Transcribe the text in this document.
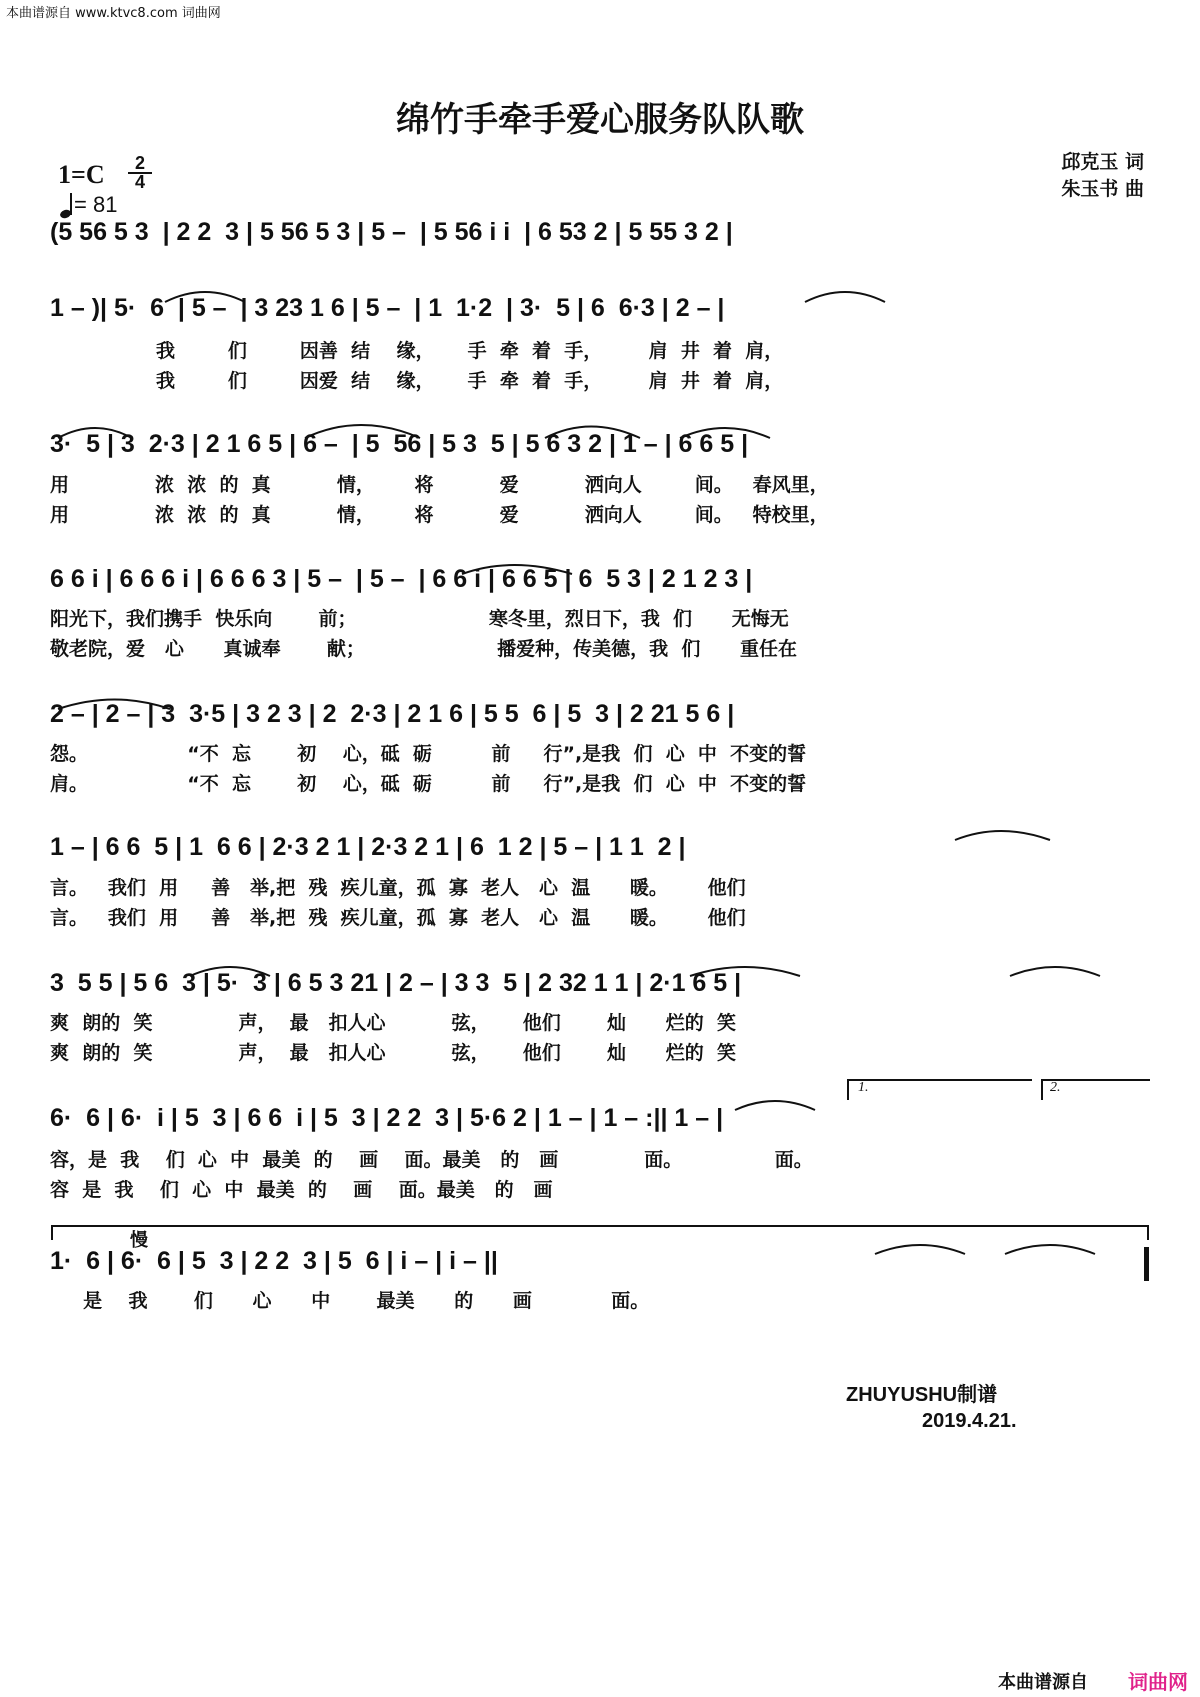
本曲谱源自 www.ktvc8.com 词曲网
绵竹手牵手爱心服务队队歌
1=C	2
4
= 81
邱克玉 词
朱玉书 曲

(5 56 5 3  | 2 2  3 | 5 56 5 3 | 5 –  | 5 56 i i  | 6 53 2 | 5 55 3 2 |

1 – )| 5·  6  | 5 –  | 3 23 1 6 | 5 –  | 1  1·2  | 3·  5 | 6  6·3 | 2 – |

我        们        因善  结    缘，     手  牵  着  手，       肩  井  着  肩，
我        们        因爱  结    缘，     手  牵  着  手，       肩  井  着  肩，

3·  5 | 3  2·3 | 2 1 6 5 | 6 –  | 5  56 | 5 3  5 | 5 6 3 2 | 1 – | 6 6 5 |

用             浓  浓  的  真          情，      将          爱          洒向人        间。   春风里，
用             浓  浓  的  真          情，      将          爱          洒向人        间。   特校里，

6 6 i | 6 6 6 i | 6 6 6 3 | 5 –  | 5 –  | 6 6 i | 6 6 5 | 6  5 3 | 2 1 2 3 |

阳光下，我们携手  快乐向       前；                    寒冬里，烈日下，我  们      无悔无
敬老院，爱   心      真诚奉       献；                    播爱种，传美德，我  们      重任在

2 – | 2 – | 3  3·5 | 3 2 3 | 2  2·3 | 2 1 6 | 5 5  6 | 5  3 | 2 21 5 6 |

怨。               “不  忘       初    心，砥  砺         前     行”,是我  们  心  中  不变的誓
肩。               “不  忘       初    心，砥  砺         前     行”,是我  们  心  中  不变的誓

1 – | 6 6  5 | 1  6 6 | 2·3 2 1 | 2·3 2 1 | 6  1 2 | 5 – | 1 1  2 |

言。   我们  用     善   举,把  残  疾儿童，孤  寡  老人   心  温      暖。      他们
言。   我们  用     善   举,把  残  疾儿童，孤  寡  老人   心  温      暖。      他们

3  5 5 | 5 6  3 | 5·  3 | 6 5 3 21 | 2 – | 3 3  5 | 2 32 1 1 | 2·1 6 5 |

爽  朗的  笑             声，  最   扣人心          弦，     他们       灿      烂的  笑
爽  朗的  笑             声，  最   扣人心          弦，     他们       灿      烂的  笑

6·  6 | 6·  i | 5  3 | 6 6  i | 5  3 | 2 2  3 | 5·6 2 | 1 – | 1 – :|| 1 – |

容，是  我    们  心  中  最美  的    画    面。最美   的   画             面。              面。
容  是  我    们  心  中  最美  的    画    面。最美   的   画
1.	2.
慢

1·  6 | 6·  6 | 5  3 | 2 2  3 | 5  6 | i – | i – ||

是    我       们      心      中       最美      的      画            面。
ZHUYUSHU制谱
2019.4.21.
本曲谱源自 词曲网
